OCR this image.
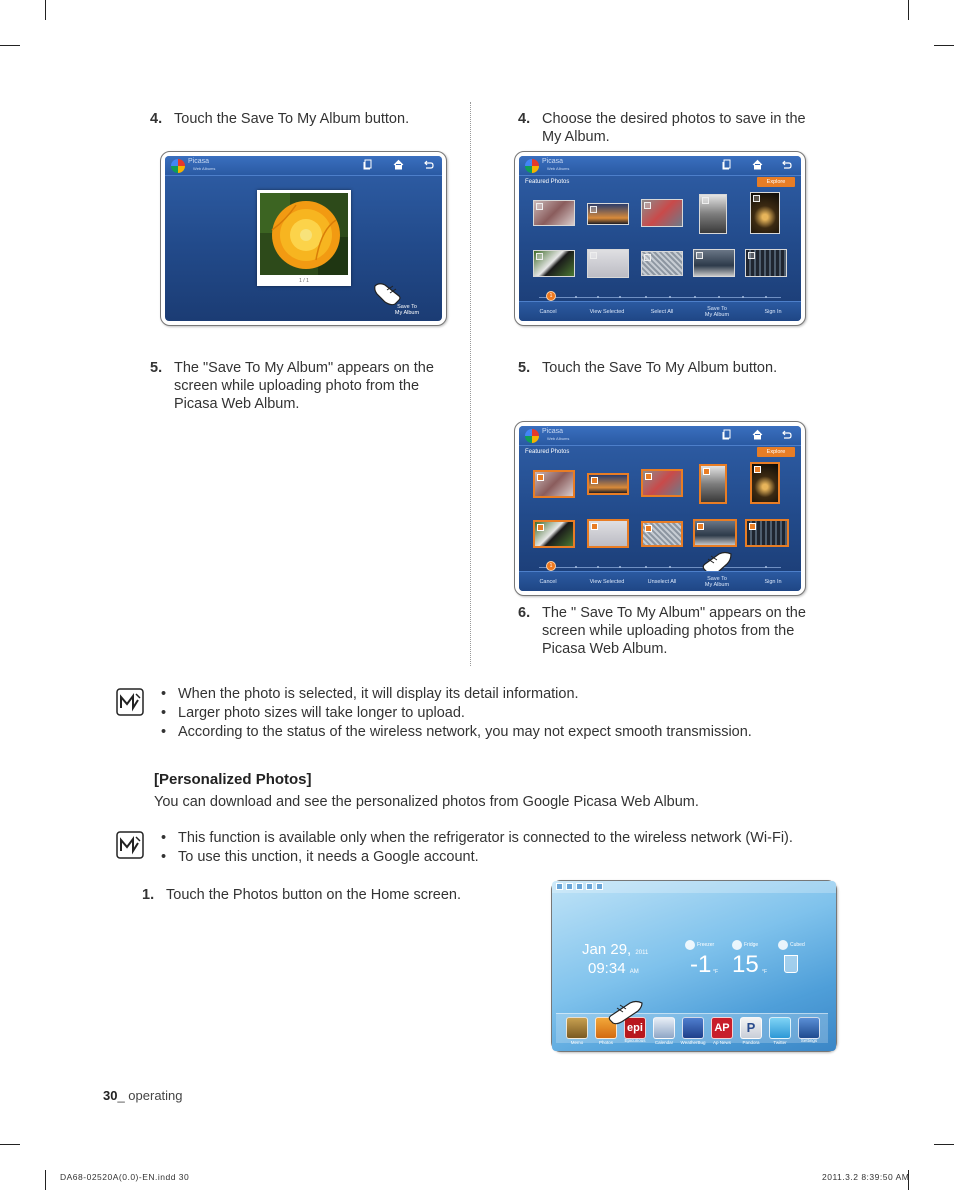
4. Touch the Save To My Album button.
Picasa
Web Albums
1 / 1
Save To
My Album
5. The "Save To My Album" appears on the screen while uploading photo from the Picasa Web Album.
4. Choose the desired photos to save in the My Album.
Picasa
Web Albums
Featured Photos	Explore
1
Cancel	View Selected	Select All	Save To
My Album	Sign In
5. Touch the Save To My Album button.
Picasa
Web Albums
Featured Photos	Explore
1
Cancel	View Selected	Unselect All	Save To
My Album	Sign In
6. The " Save To My Album" appears on the screen while uploading photos from the Picasa Web Album.
• When the photo is selected, it will display its detail information.
• Larger photo sizes will take longer to upload.
• According to the status of the wireless network, you may not expect smooth transmission.
[Personalized Photos]
You can download and see the personalized photos from Google Picasa Web Album.
• This function is available only when the refrigerator is connected to the wireless network (Wi-Fi).
• To use this unction, it needs a Google account.
1. Touch the Photos button on the Home screen.
Jan 29, 2011
09:34 AM
Freezer	Fridge	Cubed
-1 °F 15 °F
epi	AP	P
Memo	Photos	Epicurious	Calendar	WeatherBug	Ap News	Pandora	Twitter	Settings
30_ operating
DA68-02520A(0.0)-EN.indd 30	2011.3.2 8:39:50 AM
